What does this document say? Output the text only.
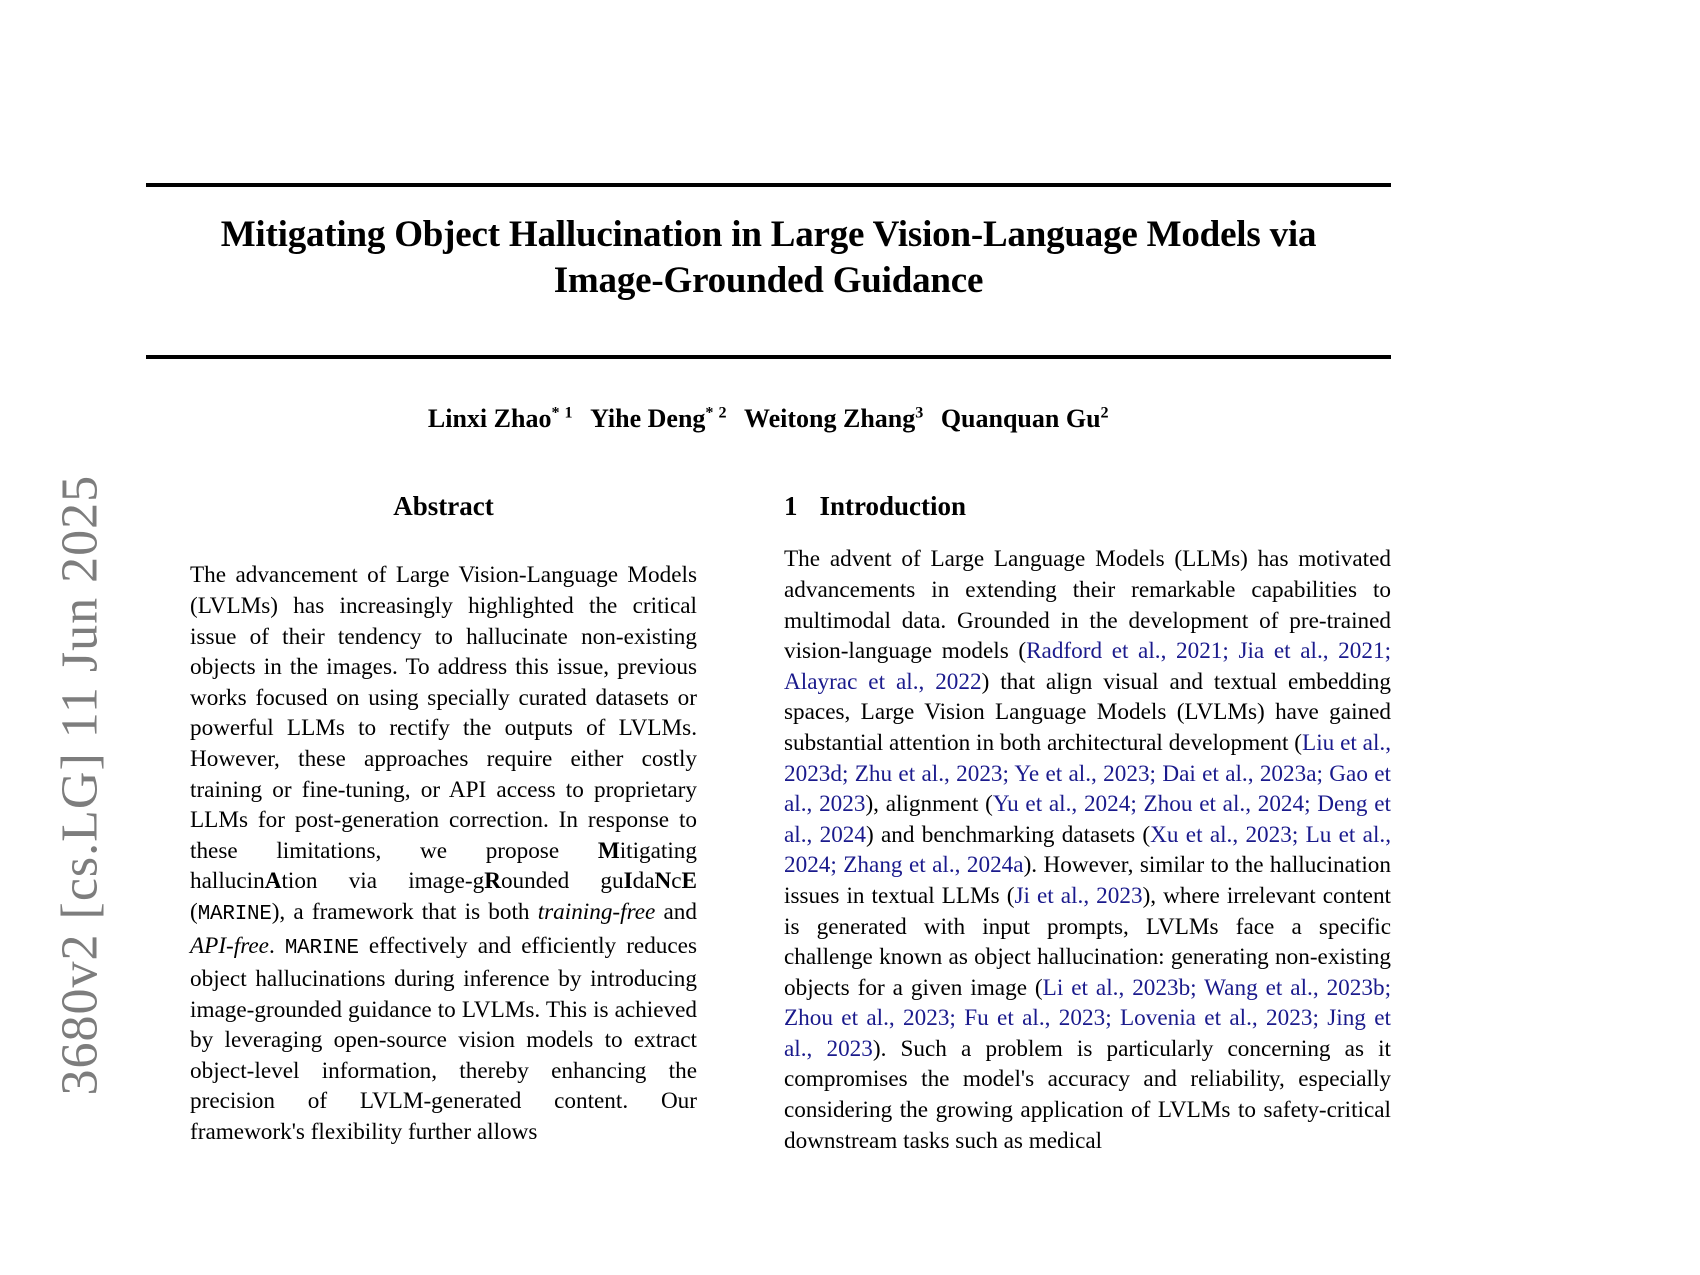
3680v2 [cs.LG] 11 Jun 2025
Mitigating Object Hallucination in Large Vision-Language Models via
Image-Grounded Guidance
Linxi Zhao$^{* 1}$ Yihe Deng$^{* 2}$ Weitong Zhang$^3$ Quanquan Gu$^2$
Abstract

The advancement of Large Vision-Language Models (LVLMs) has increasingly highlighted the critical issue of their tendency to hallucinate non-existing objects in the images. To address this issue, previous works focused on using specially curated datasets or powerful LLMs to rectify the outputs of LVLMs. However, these approaches require either costly training or fine-tuning, or API access to proprietary LLMs for post-generation correction. In response to these limitations, we propose Mitigating hallucinAtion via image-gRounded guIdaNcE (MARINE), a framework that is both training-free and API-free. MARINE effectively and efficiently reduces object hallucinations during inference by introducing image-grounded guidance to LVLMs. This is achieved by leveraging open-source vision models to extract object-level information, thereby enhancing the precision of LVLM-generated content. Our framework's flexibility further allows

1 Introduction

The advent of Large Language Models (LLMs) has motivated advancements in extending their remarkable capabilities to multimodal data. Grounded in the development of pre-trained vision-language models (Radford et al., 2021; Jia et al., 2021; Alayrac et al., 2022) that align visual and textual embedding spaces, Large Vision Language Models (LVLMs) have gained substantial attention in both architectural development (Liu et al., 2023d; Zhu et al., 2023; Ye et al., 2023; Dai et al., 2023a; Gao et al., 2023), alignment (Yu et al., 2024; Zhou et al., 2024; Deng et al., 2024) and benchmarking datasets (Xu et al., 2023; Lu et al., 2024; Zhang et al., 2024a). However, similar to the hallucination issues in textual LLMs (Ji et al., 2023), where irrelevant content is generated with input prompts, LVLMs face a specific challenge known as object hallucination: generating non-existing objects for a given image (Li et al., 2023b; Wang et al., 2023b; Zhou et al., 2023; Fu et al., 2023; Lovenia et al., 2023; Jing et al., 2023). Such a problem is particularly concerning as it compromises the model's accuracy and reliability, especially considering the growing application of LVLMs to safety-critical downstream tasks such as medical
